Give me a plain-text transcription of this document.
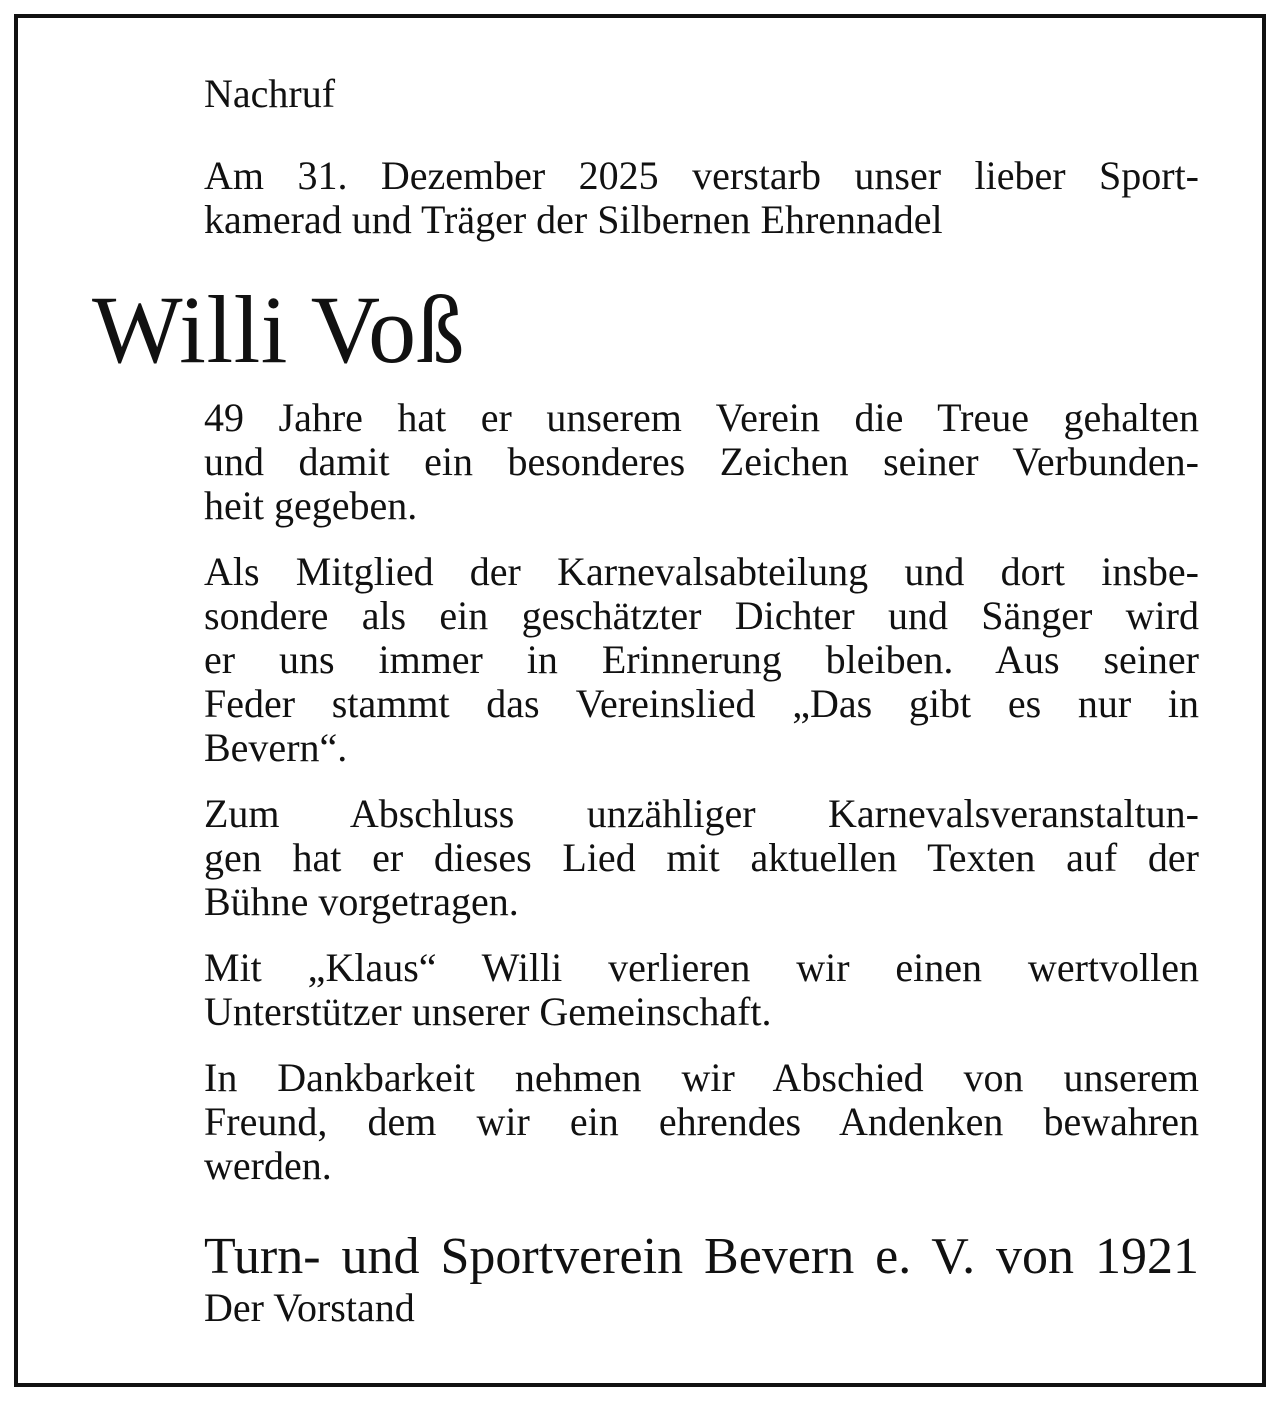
Nachruf
Am 31. Dezember 2025 verstarb unser lieber Sport-
kamerad und Träger der Silbernen Ehrennadel
Willi Voß
49 Jahre hat er unserem Verein die Treue gehalten
und damit ein besonderes Zeichen seiner Verbunden-
heit gegeben.
Als Mitglied der Karnevalsabteilung und dort insbe-
sondere als ein geschätzter Dichter und Sänger wird
er uns immer in Erinnerung bleiben. Aus seiner
Feder stammt das Vereinslied „Das gibt es nur in
Bevern“.
Zum Abschluss unzähliger Karnevalsveranstaltun-
gen hat er dieses Lied mit aktuellen Texten auf der
Bühne vorgetragen.
Mit „Klaus“ Willi verlieren wir einen wertvollen
Unterstützer unserer Gemeinschaft.
In Dankbarkeit nehmen wir Abschied von unserem
Freund, dem wir ein ehrendes Andenken bewahren
werden.
Turn- und Sportverein Bevern e. V. von 1921
Der Vorstand
